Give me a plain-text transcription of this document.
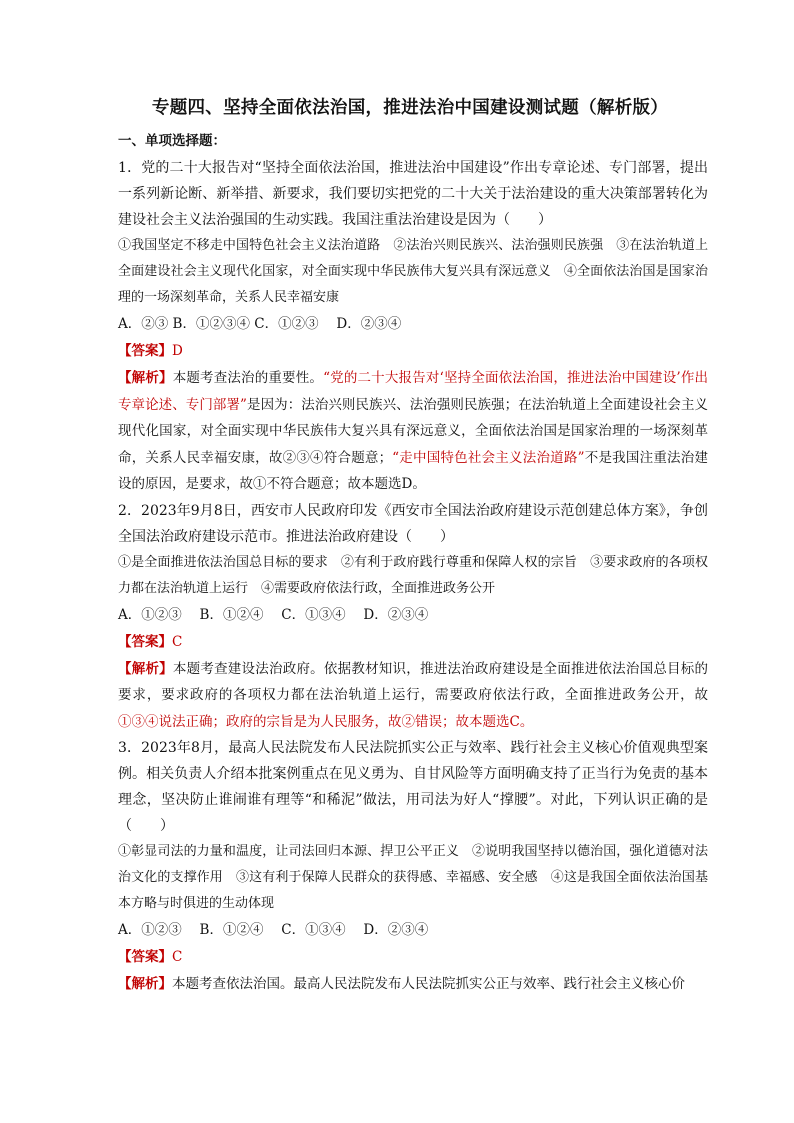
专题四、坚持全面依法治国，推进法治中国建设测试题（解析版）
一、单项选择题：

1．党的二十大报告对“坚持全面依法治国，推进法治中国建设”作出专章论述、专门部署，提出一系列新论断、新举措、新要求，我们要切实把党的二十大关于法治建设的重大决策部署转化为建设社会主义法治强国的生动实践。我国注重法治建设是因为（　　）

①我国坚定不移走中国特色社会主义法治道路　②法治兴则民族兴、法治强则民族强　③在法治轨道上全面建设社会主义现代化国家，对全面实现中华民族伟大复兴具有深远意义　④全面依法治国是国家治理的一场深刻革命，关系人民幸福安康

A．②③ B．①②③④ C．①②③　 D．②③④

【答案】D

【解析】本题考查法治的重要性。“党的二十大报告对‘坚持全面依法治国，推进法治中国建设’作出专章论述、专门部署”是因为：法治兴则民族兴、法治强则民族强；在法治轨道上全面建设社会主义现代化国家，对全面实现中华民族伟大复兴具有深远意义，全面依法治国是国家治理的一场深刻革命，关系人民幸福安康，故②③④符合题意；“走中国特色社会主义法治道路”不是我国注重法治建设的原因，是要求，故①不符合题意；故本题选D。

2．2023年9月8日，西安市人民政府印发《西安市全国法治政府建设示范创建总体方案》，争创全国法治政府建设示范市。推进法治政府建设（　　）

①是全面推进依法治国总目标的要求　②有利于政府践行尊重和保障人权的宗旨　③要求政府的各项权力都在法治轨道上运行　④需要政府依法行政，全面推进政务公开

A．①②③　 B．①②④　 C．①③④　 D．②③④

【答案】C

【解析】本题考查建设法治政府。依据教材知识，推进法治政府建设是全面推进依法治国总目标的要求，要求政府的各项权力都在法治轨道上运行，需要政府依法行政，全面推进政务公开，故①③④说法正确；政府的宗旨是为人民服务，故②错误；故本题选C。

3．2023年8月，最高人民法院发布人民法院抓实公正与效率、践行社会主义核心价值观典型案例。相关负责人介绍本批案例重点在见义勇为、自甘风险等方面明确支持了正当行为免责的基本理念，坚决防止谁闹谁有理等“和稀泥”做法，用司法为好人“撑腰”。对此，下列认识正确的是（　　）

①彰显司法的力量和温度，让司法回归本源、捍卫公平正义　②说明我国坚持以德治国，强化道德对法治文化的支撑作用　③这有利于保障人民群众的获得感、幸福感、安全感　④这是我国全面依法治国基本方略与时俱进的生动体现

A．①②③　 B．①②④　 C．①③④　 D．②③④

【答案】C

【解析】本题考查依法治国。最高人民法院发布人民法院抓实公正与效率、践行社会主义核心价
